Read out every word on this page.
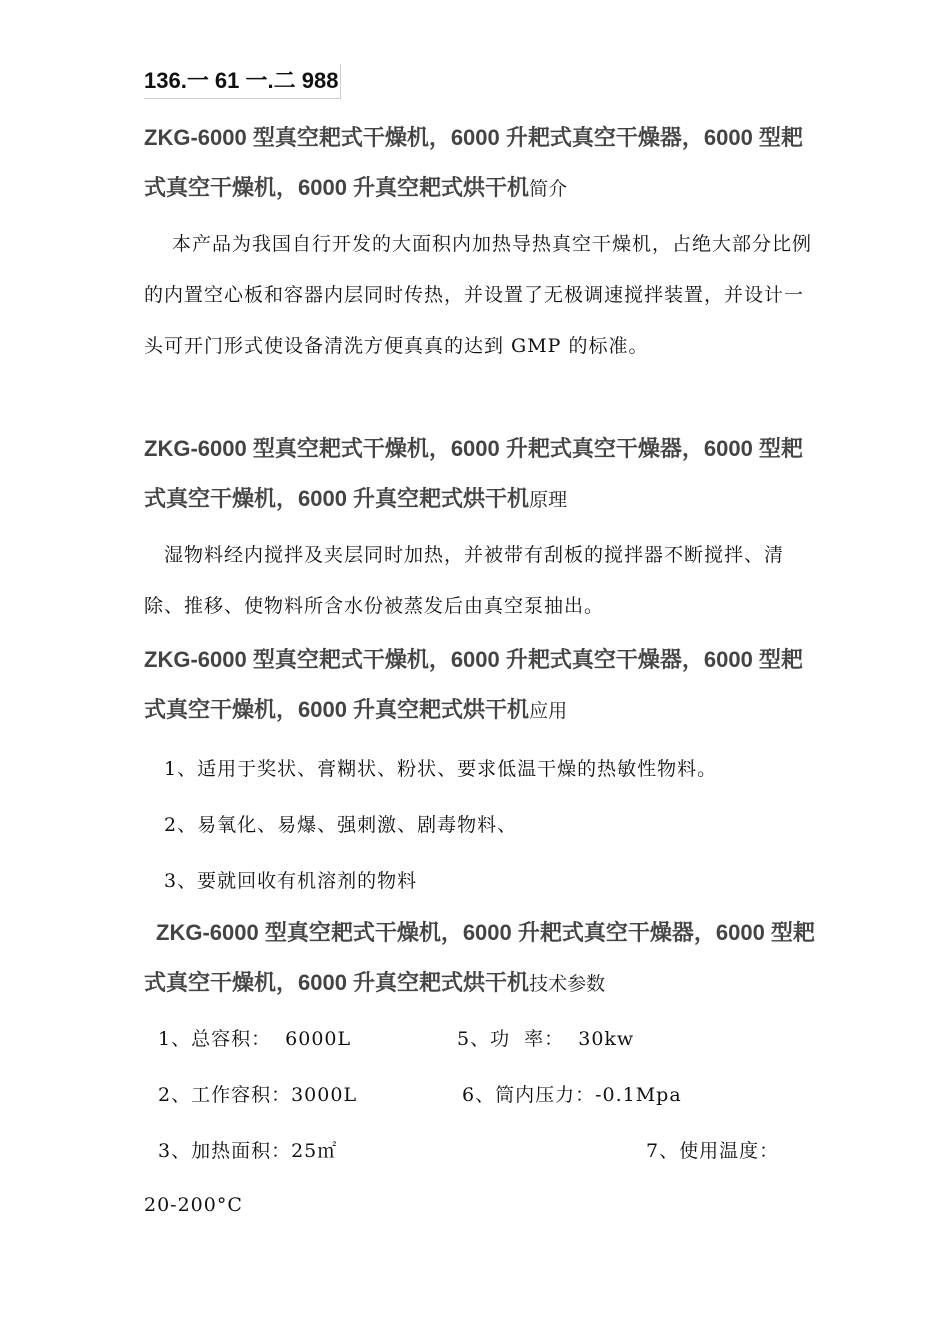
136.一 61 一.二 988
ZKG-6000 型真空耙式干燥机，6000 升耙式真空干燥器，6000 型耙式真空干燥机，6000 升真空耙式烘干机简介

本产品为我国自行开发的大面积内加热导热真空干燥机，占绝大部分比例的内置空心板和容器内层同时传热，并设置了无极调速搅拌装置，并设计一头可开门形式使设备清洗方便真真的达到 GMP 的标准。

ZKG-6000 型真空耙式干燥机，6000 升耙式真空干燥器，6000 型耙式真空干燥机，6000 升真空耙式烘干机原理

湿物料经内搅拌及夹层同时加热，并被带有刮板的搅拌器不断搅拌、清除、推移、使物料所含水份被蒸发后由真空泵抽出。

ZKG-6000 型真空耙式干燥机，6000 升耙式真空干燥器，6000 型耙式真空干燥机，6000 升真空耙式烘干机应用

1、适用于奖状、膏糊状、粉状、要求低温干燥的热敏性物料。

2、易氧化、易爆、强刺激、剧毒物料、

3、要就回收有机溶剂的物料

ZKG-6000 型真空耙式干燥机，6000 升耙式真空干燥器，6000 型耙式真空干燥机，6000 升真空耙式烘干机技术参数

1、总容积：  6000L	5、功  率：  30kw

2、工作容积：3000L	6、筒内压力：-0.1Mpa

3、加热面积：25㎡	7、使用温度：

20-200°C
